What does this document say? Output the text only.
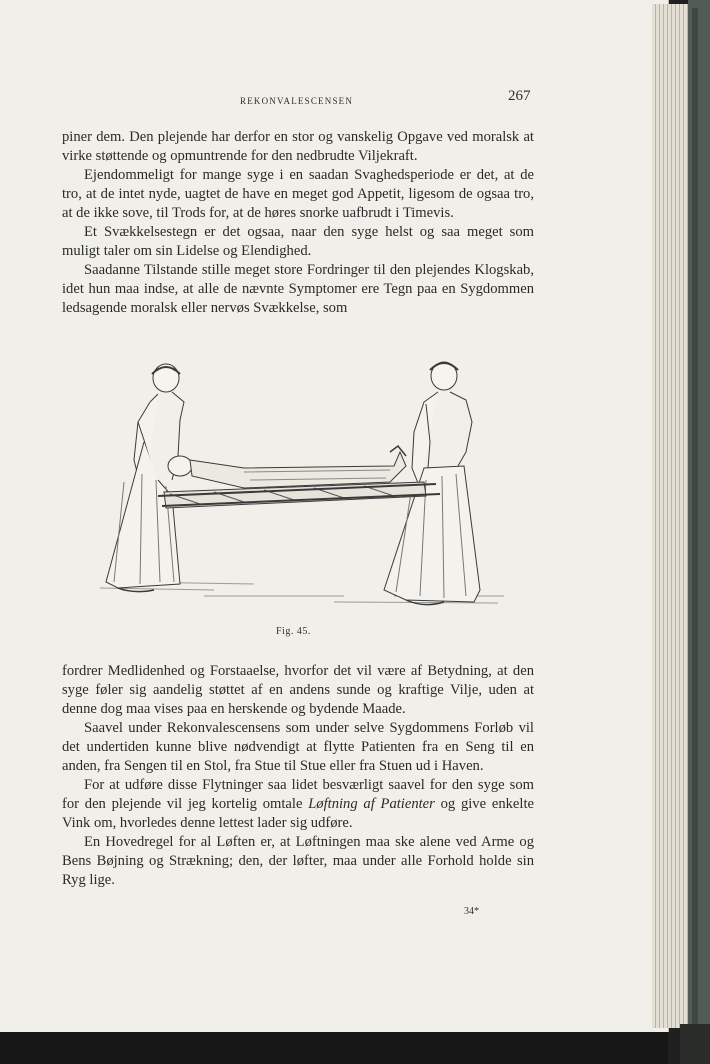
REKONVALESCENSEN	267

piner dem. Den plejende har derfor en stor og vanskelig Opgave ved moralsk at virke støttende og opmuntrende for den nedbrudte Viljekraft.

Ejendommeligt for mange syge i en saadan Svaghedsperiode er det, at de tro, at de intet nyde, uagtet de have en meget god Appetit, ligesom de ogsaa tro, at de ikke sove, til Trods for, at de høres snorke uafbrudt i Timevis.

Et Svækkelsestegn er det ogsaa, naar den syge helst og saa meget som muligt taler om sin Lidelse og Elendighed.

Saadanne Tilstande stille meget store Fordringer til den plejendes Klogskab, idet hun maa indse, at alle de nævnte Symptomer ere Tegn paa en Sygdommen ledsagende moralsk eller nervøs Svækkelse, som

Fig. 45.

fordrer Medlidenhed og Forstaaelse, hvorfor det vil være af Betydning, at den syge føler sig aandelig støttet af en andens sunde og kraftige Vilje, uden at denne dog maa vises paa en herskende og bydende Maade.

Saavel under Rekonvalescensens som under selve Sygdommens Forløb vil det undertiden kunne blive nødvendigt at flytte Patienten fra en Seng til en anden, fra Sengen til en Stol, fra Stue til Stue eller fra Stuen ud i Haven.

For at udføre disse Flytninger saa lidet besværligt saavel for den syge som for den plejende vil jeg kortelig omtale Løftning af Patienter og give enkelte Vink om, hvorledes denne lettest lader sig udføre.

En Hovedregel for al Løften er, at Løftningen maa ske alene ved Arme og Bens Bøjning og Strækning; den, der løfter, maa under alle Forhold holde sin Ryg lige.

34*
